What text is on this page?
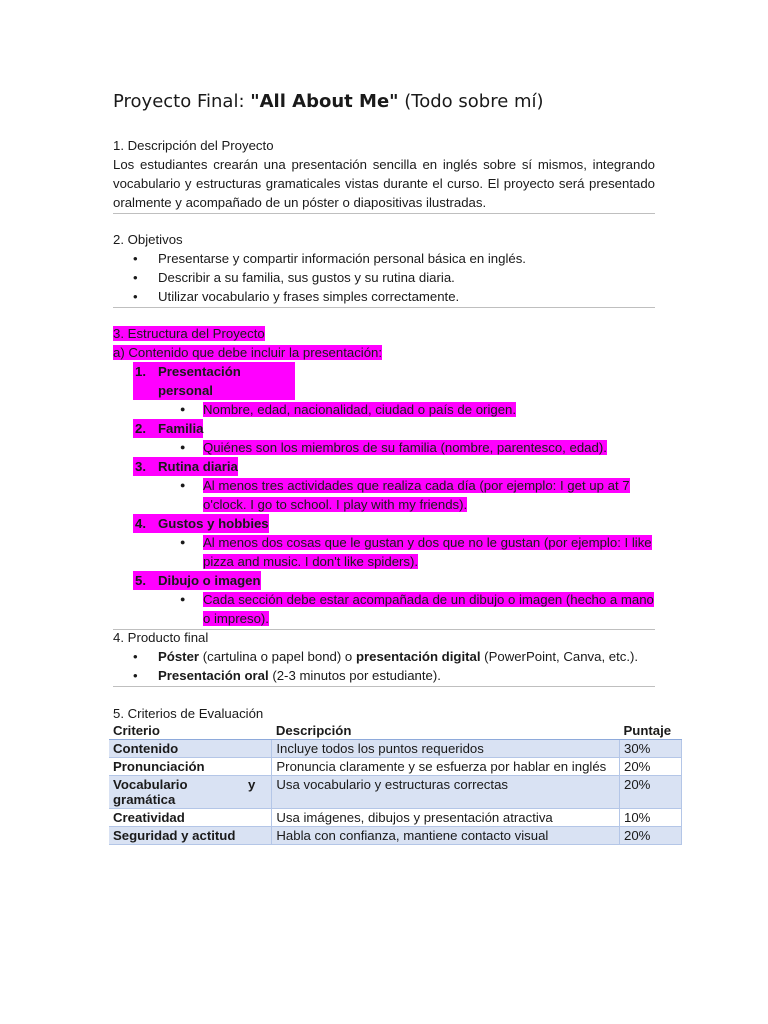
Proyecto Final: "All About Me" (Todo sobre mí)

1. Descripción del Proyecto

Los estudiantes crearán una presentación sencilla en inglés sobre sí mismos, integrando vocabulario y estructuras gramaticales vistas durante el curso. El proyecto será presentado oralmente y acompañado de un póster o diapositivas ilustradas.

2. Objetivos

• Presentarse y compartir información personal básica en inglés.
• Describir a su familia, sus gustos y su rutina diaria.
• Utilizar vocabulario y frases simples correctamente.

3. Estructura del Proyecto

a) Contenido que debe incluir la presentación:

1. Presentación personal
● Nombre, edad, nacionalidad, ciudad o país de origen.
2. Familia
● Quiénes son los miembros de su familia (nombre, parentesco, edad).
3. Rutina diaria
● Al menos tres actividades que realiza cada día (por ejemplo: I get up at 7 o'clock. I go to school. I play with my friends).
4. Gustos y hobbies
● Al menos dos cosas que le gustan y dos que no le gustan (por ejemplo: I like pizza and music. I don't like spiders).
5. Dibujo o imagen
● Cada sección debe estar acompañada de un dibujo o imagen (hecho a mano o impreso).

4. Producto final

• Póster (cartulina o papel bond) o presentación digital (PowerPoint, Canva, etc.).
• Presentación oral (2-3 minutos por estudiante).

5. Criterios de Evaluación

Criterio	Descripción	Puntaje
Contenido	Incluye todos los puntos requeridos	30%
Pronunciación	Pronuncia claramente y se esfuerza por hablar en inglés	20%
Vocabulario y gramática	Usa vocabulario y estructuras correctas	20%
Creatividad	Usa imágenes, dibujos y presentación atractiva	10%
Seguridad y actitud	Habla con confianza, mantiene contacto visual	20%
